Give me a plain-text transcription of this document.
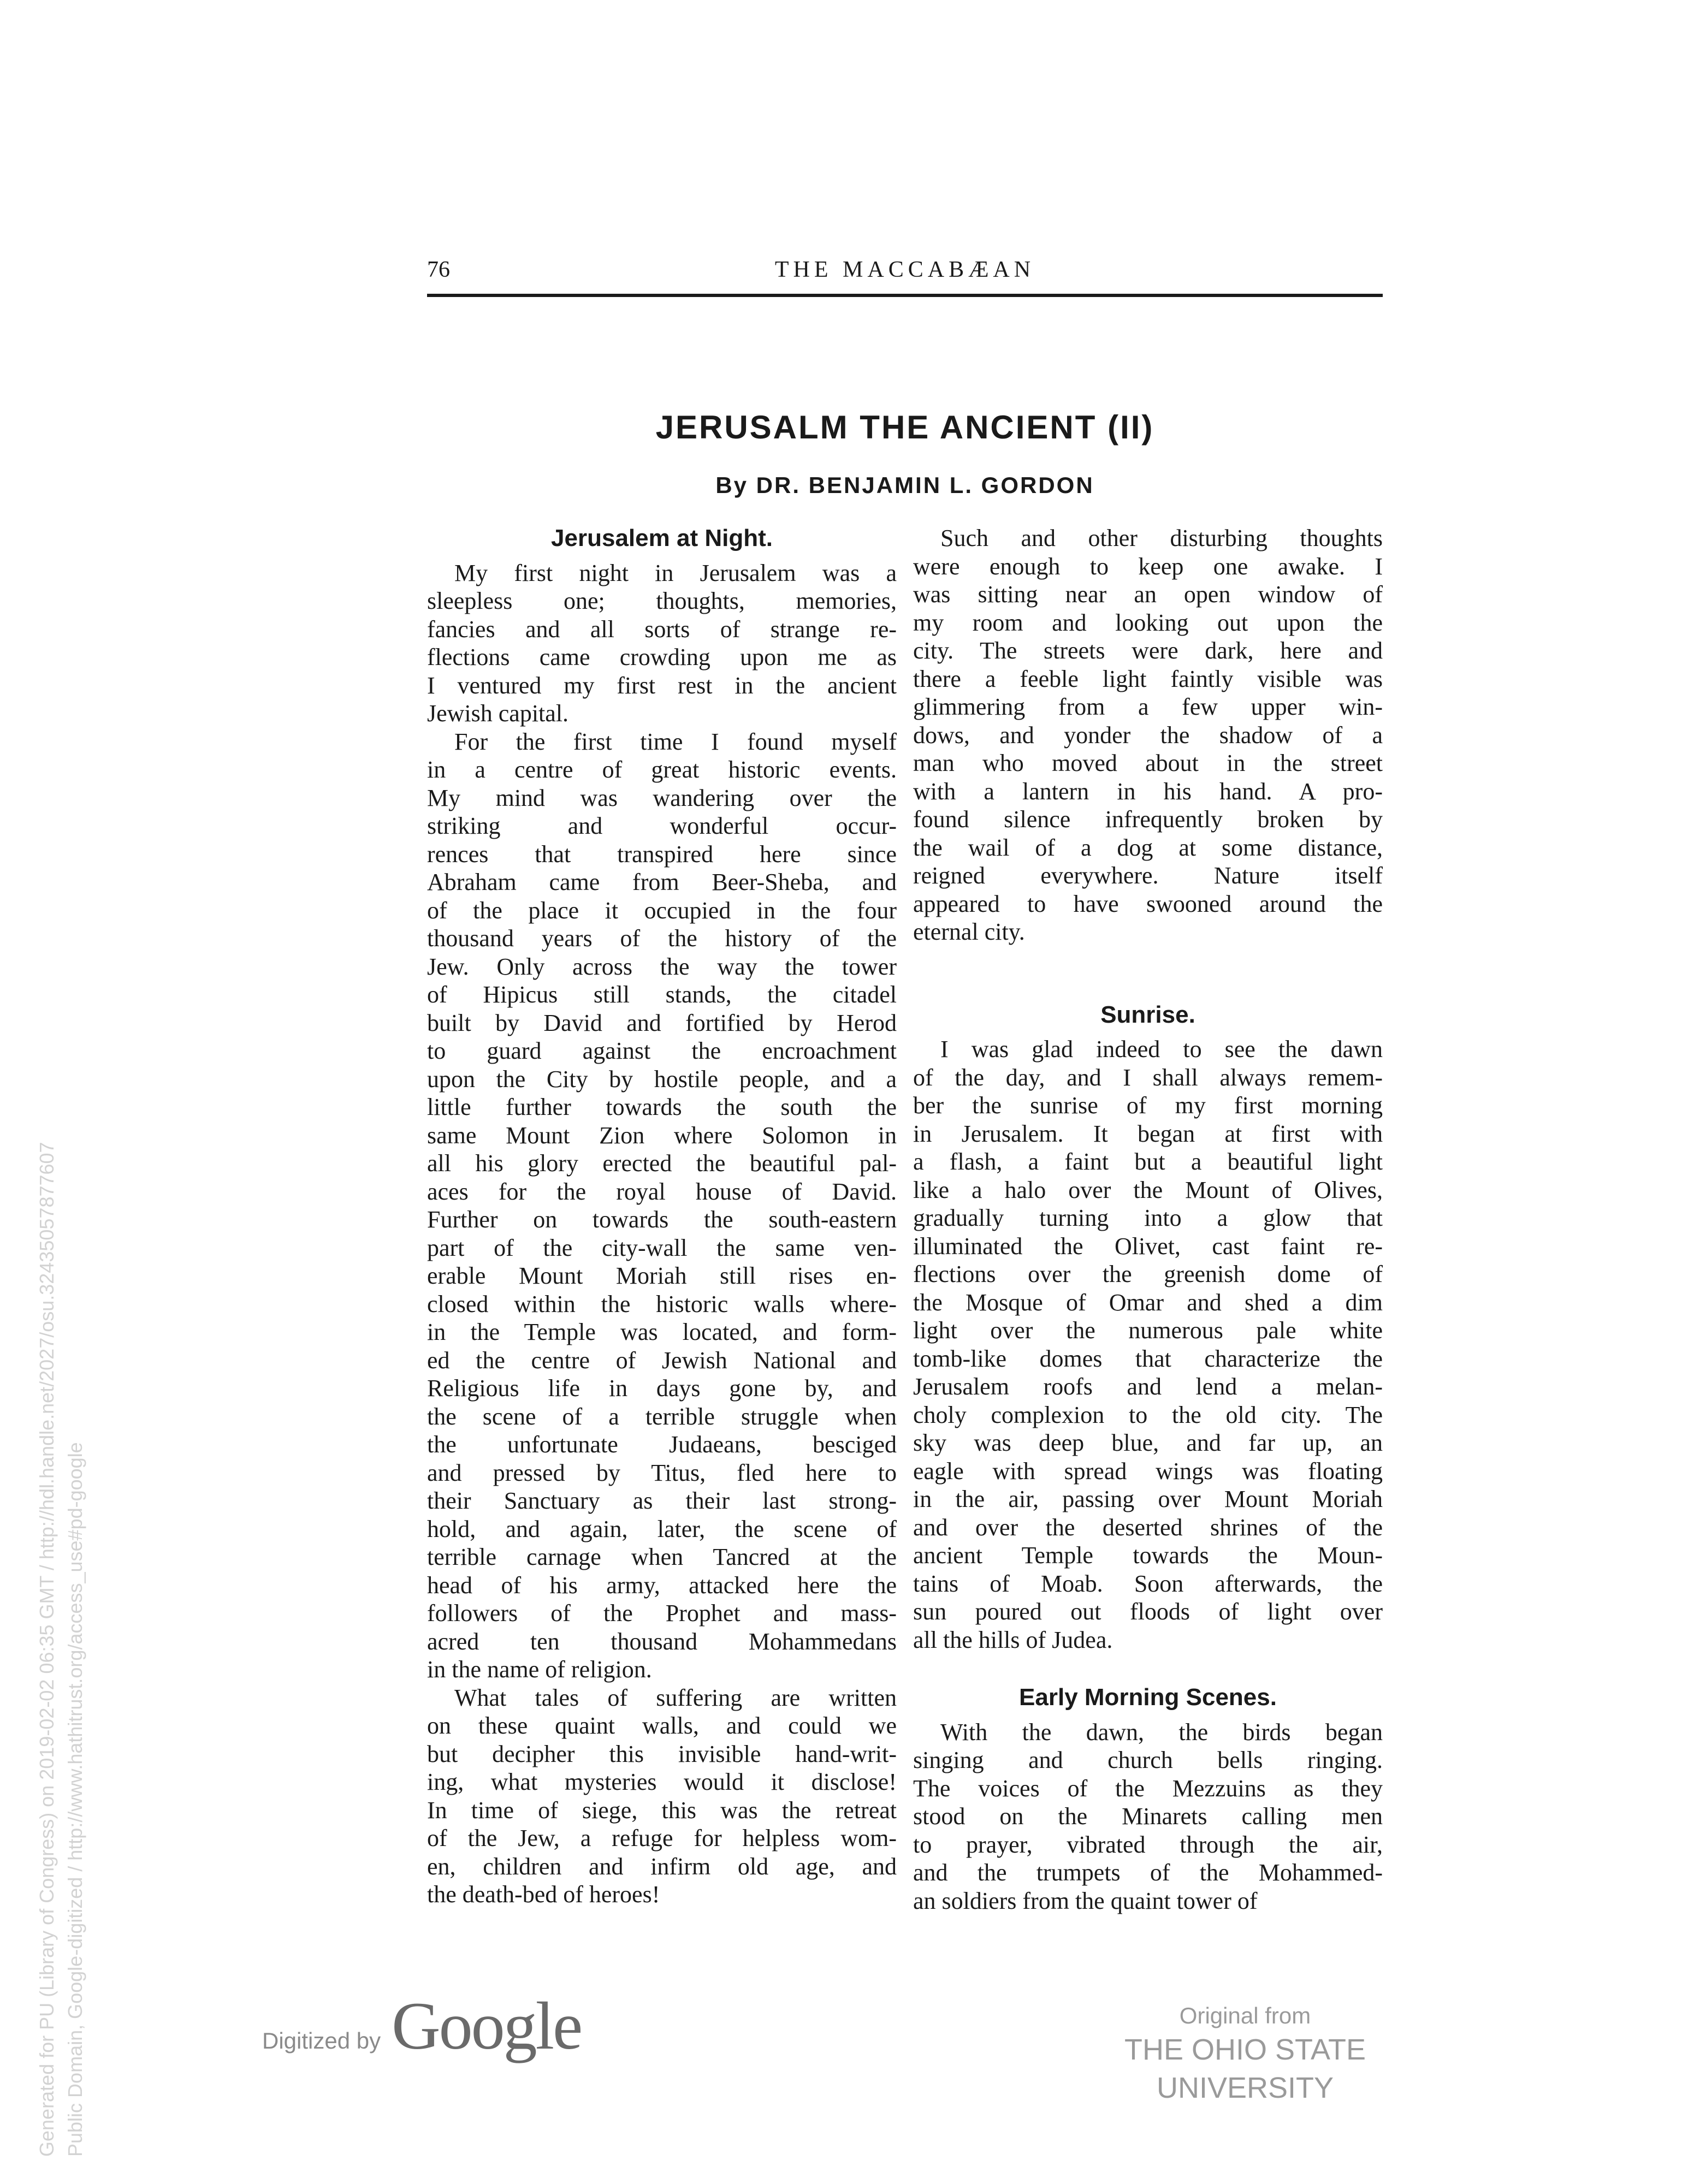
Generated for PU (Library of Congress) on 2019-02-02 06:35 GMT / http://hdl.handle.net/2027/osu.32435057877607 Public Domain, Google-digitized / http://www.hathitrust.org/access_use#pd-google
76	THE MACCABÆAN
JERUSALM THE ANCIENT (II)
By DR. BENJAMIN L. GORDON
Jerusalem at Night.
My first night in Jerusalem was a
sleepless one; thoughts, memories,
fancies and all sorts of strange re-
flections came crowding upon me as
I ventured my first rest in the ancient
Jewish capital.
For the first time I found myself
in a centre of great historic events.
My mind was wandering over the
striking and wonderful occur-
rences that transpired here since
Abraham came from Beer-Sheba, and
of the place it occupied in the four
thousand years of the history of the
Jew. Only across the way the tower
of Hipicus still stands, the citadel
built by David and fortified by Herod
to guard against the encroachment
upon the City by hostile people, and a
little further towards the south the
same Mount Zion where Solomon in
all his glory erected the beautiful pal-
aces for the royal house of David.
Further on towards the south-eastern
part of the city-wall the same ven-
erable Mount Moriah still rises en-
closed within the historic walls where-
in the Temple was located, and form-
ed the centre of Jewish National and
Religious life in days gone by, and
the scene of a terrible struggle when
the unfortunate Judaeans, besciged
and pressed by Titus, fled here to
their Sanctuary as their last strong-
hold, and again, later, the scene of
terrible carnage when Tancred at the
head of his army, attacked here the
followers of the Prophet and mass-
acred ten thousand Mohammedans
in the name of religion.
What tales of suffering are written
on these quaint walls, and could we
but decipher this invisible hand-writ-
ing, what mysteries would it disclose!
In time of siege, this was the retreat
of the Jew, a refuge for helpless wom-
en, children and infirm old age, and
the death-bed of heroes!
Such and other disturbing thoughts
were enough to keep one awake. I
was sitting near an open window of
my room and looking out upon the
city. The streets were dark, here and
there a feeble light faintly visible was
glimmering from a few upper win-
dows, and yonder the shadow of a
man who moved about in the street
with a lantern in his hand. A pro-
found silence infrequently broken by
the wail of a dog at some distance,
reigned everywhere. Nature itself
appeared to have swooned around the
eternal city.
Sunrise.
I was glad indeed to see the dawn
of the day, and I shall always remem-
ber the sunrise of my first morning
in Jerusalem. It began at first with
a flash, a faint but a beautiful light
like a halo over the Mount of Olives,
gradually turning into a glow that
illuminated the Olivet, cast faint re-
flections over the greenish dome of
the Mosque of Omar and shed a dim
light over the numerous pale white
tomb-like domes that characterize the
Jerusalem roofs and lend a melan-
choly complexion to the old city. The
sky was deep blue, and far up, an
eagle with spread wings was floating
in the air, passing over Mount Moriah
and over the deserted shrines of the
ancient Temple towards the Moun-
tains of Moab. Soon afterwards, the
sun poured out floods of light over
all the hills of Judea.
Early Morning Scenes.
With the dawn, the birds began
singing and church bells ringing.
The voices of the Mezzuins as they
stood on the Minarets calling men
to prayer, vibrated through the air,
and the trumpets of the Mohammed-
an soldiers from the quaint tower of
Digitized by Google	Original from
THE OHIO STATE UNIVERSITY
